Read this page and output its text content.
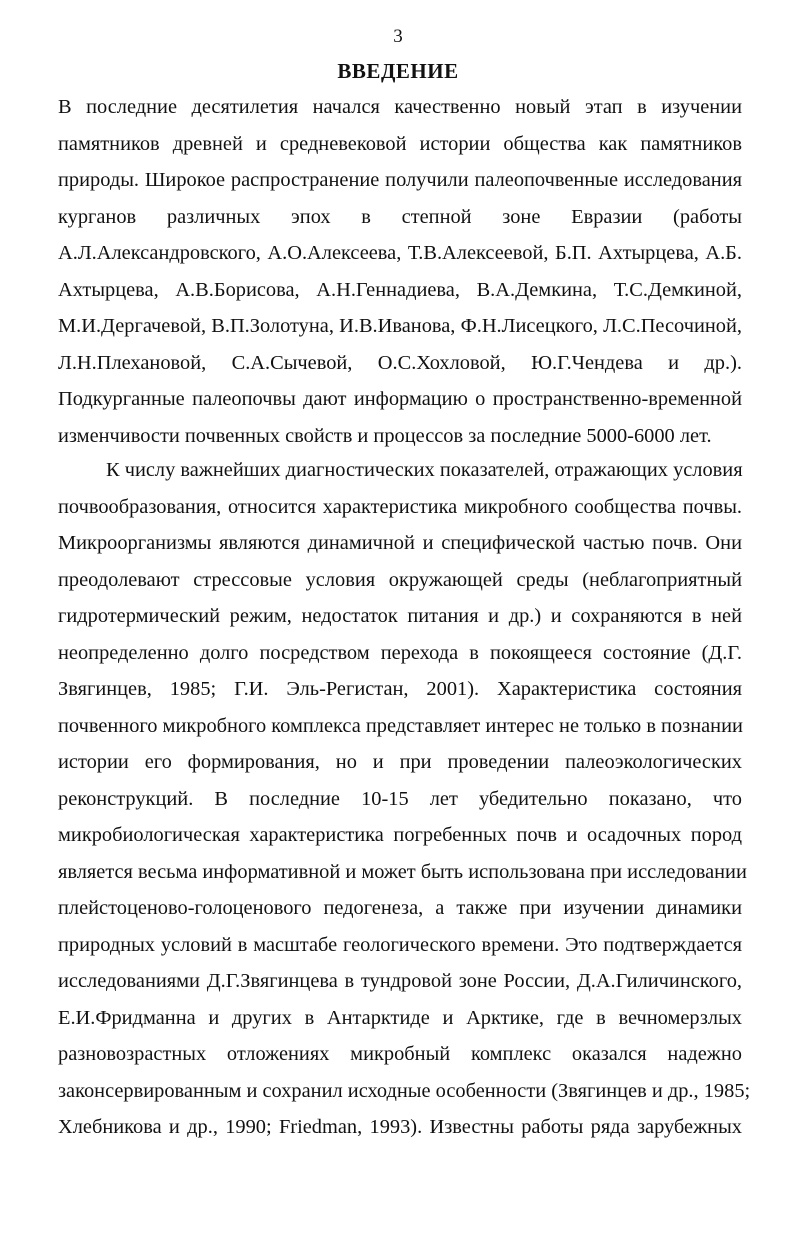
3
ВВЕДЕНИЕ
В последние десятилетия начался качественно новый этап в изучении
памятников древней и средневековой истории общества как памятников
природы. Широкое распространение получили палеопочвенные исследования
курганов различных эпох в степной зоне Евразии (работы
А.Л.Александровского, А.О.Алексеева, Т.В.Алексеевой, Б.П. Ахтырцева, А.Б.
Ахтырцева, А.В.Борисова, А.Н.Геннадиева, В.А.Демкина, Т.С.Демкиной,
М.И.Дергачевой, В.П.Золотуна, И.В.Иванова, Ф.Н.Лисецкого, Л.С.Песочиной,
Л.Н.Плехановой, С.А.Сычевой, О.С.Хохловой, Ю.Г.Чендева и др.).
Подкурганные палеопочвы дают информацию о пространственно-временной
изменчивости почвенных свойств и процессов за последние 5000-6000 лет.
К числу важнейших диагностических показателей, отражающих условия
почвообразования, относится характеристика микробного сообщества почвы.
Микроорганизмы являются динамичной и специфической частью почв. Они
преодолевают стрессовые условия окружающей среды (неблагоприятный
гидротермический режим, недостаток питания и др.) и сохраняются в ней
неопределенно долго посредством перехода в покоящееся состояние (Д.Г.
Звягинцев, 1985; Г.И. Эль-Регистан, 2001). Характеристика состояния
почвенного микробного комплекса представляет интерес не только в познании
истории его формирования, но и при проведении палеоэкологических
реконструкций. В последние 10-15 лет убедительно показано, что
микробиологическая характеристика погребенных почв и осадочных пород
является весьма информативной и может быть использована при исследовании
плейстоценово-голоценового педогенеза, а также при изучении динамики
природных условий в масштабе геологического времени. Это подтверждается
исследованиями Д.Г.Звягинцева в тундровой зоне России, Д.А.Гиличинского,
Е.И.Фридманна и других в Антарктиде и Арктике, где в вечномерзлых
разновозрастных отложениях микробный комплекс оказался надежно
законсервированным и сохранил исходные особенности (Звягинцев и др., 1985;
Хлебникова и др., 1990; Friedman, 1993). Известны работы ряда зарубежных
